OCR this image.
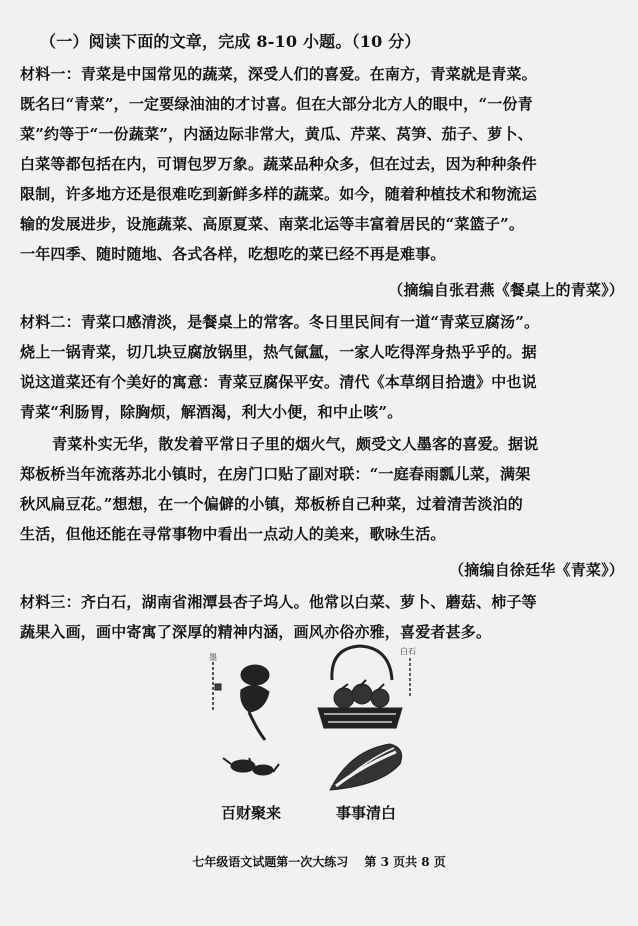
（一）阅读下面的文章，完成 8-10 小题。（10 分）
材料一：青菜是中国常见的蔬菜，深受人们的喜爱。在南方，青菜就是青菜。
既名曰“青菜”，一定要绿油油的才讨喜。但在大部分北方人的眼中，“一份青
菜”约等于“一份蔬菜”，内涵边际非常大，黄瓜、芹菜、莴笋、茄子、萝卜、
白菜等都包括在内，可谓包罗万象。蔬菜品种众多，但在过去，因为种种条件
限制，许多地方还是很难吃到新鲜多样的蔬菜。如今，随着种植技术和物流运
输的发展进步，设施蔬菜、高原夏菜、南菜北运等丰富着居民的“菜篮子”。
一年四季、随时随地、各式各样，吃想吃的菜已经不再是难事。
（摘编自张君燕《餐桌上的青菜》）
材料二：青菜口感清淡，是餐桌上的常客。冬日里民间有一道“青菜豆腐汤”。
烧上一锅青菜，切几块豆腐放锅里，热气氤氲，一家人吃得浑身热乎乎的。据
说这道菜还有个美好的寓意：青菜豆腐保平安。清代《本草纲目拾遗》中也说
青菜“利肠胃，除胸烦，解酒渴，利大小便，和中止咳”。
青菜朴实无华，散发着平常日子里的烟火气，颇受文人墨客的喜爱。据说
郑板桥当年流落苏北小镇时，在房门口贴了副对联：“一庭春雨瓢儿菜，满架
秋风扁豆花。”想想，在一个偏僻的小镇，郑板桥自己种菜，过着清苦淡泊的
生活，但他还能在寻常事物中看出一点动人的美来，歌咏生活。
（摘编自徐廷华《青菜》）
材料三：齐白石，湖南省湘潭县杏子坞人。他常以白菜、萝卜、蘑菇、柿子等
蔬果入画，画中寄寓了深厚的精神内涵，画风亦俗亦雅，喜爱者甚多。
墨
白石
百财聚来	事事清白
七年级语文试题第一次大练习 第 3 页共 8 页
